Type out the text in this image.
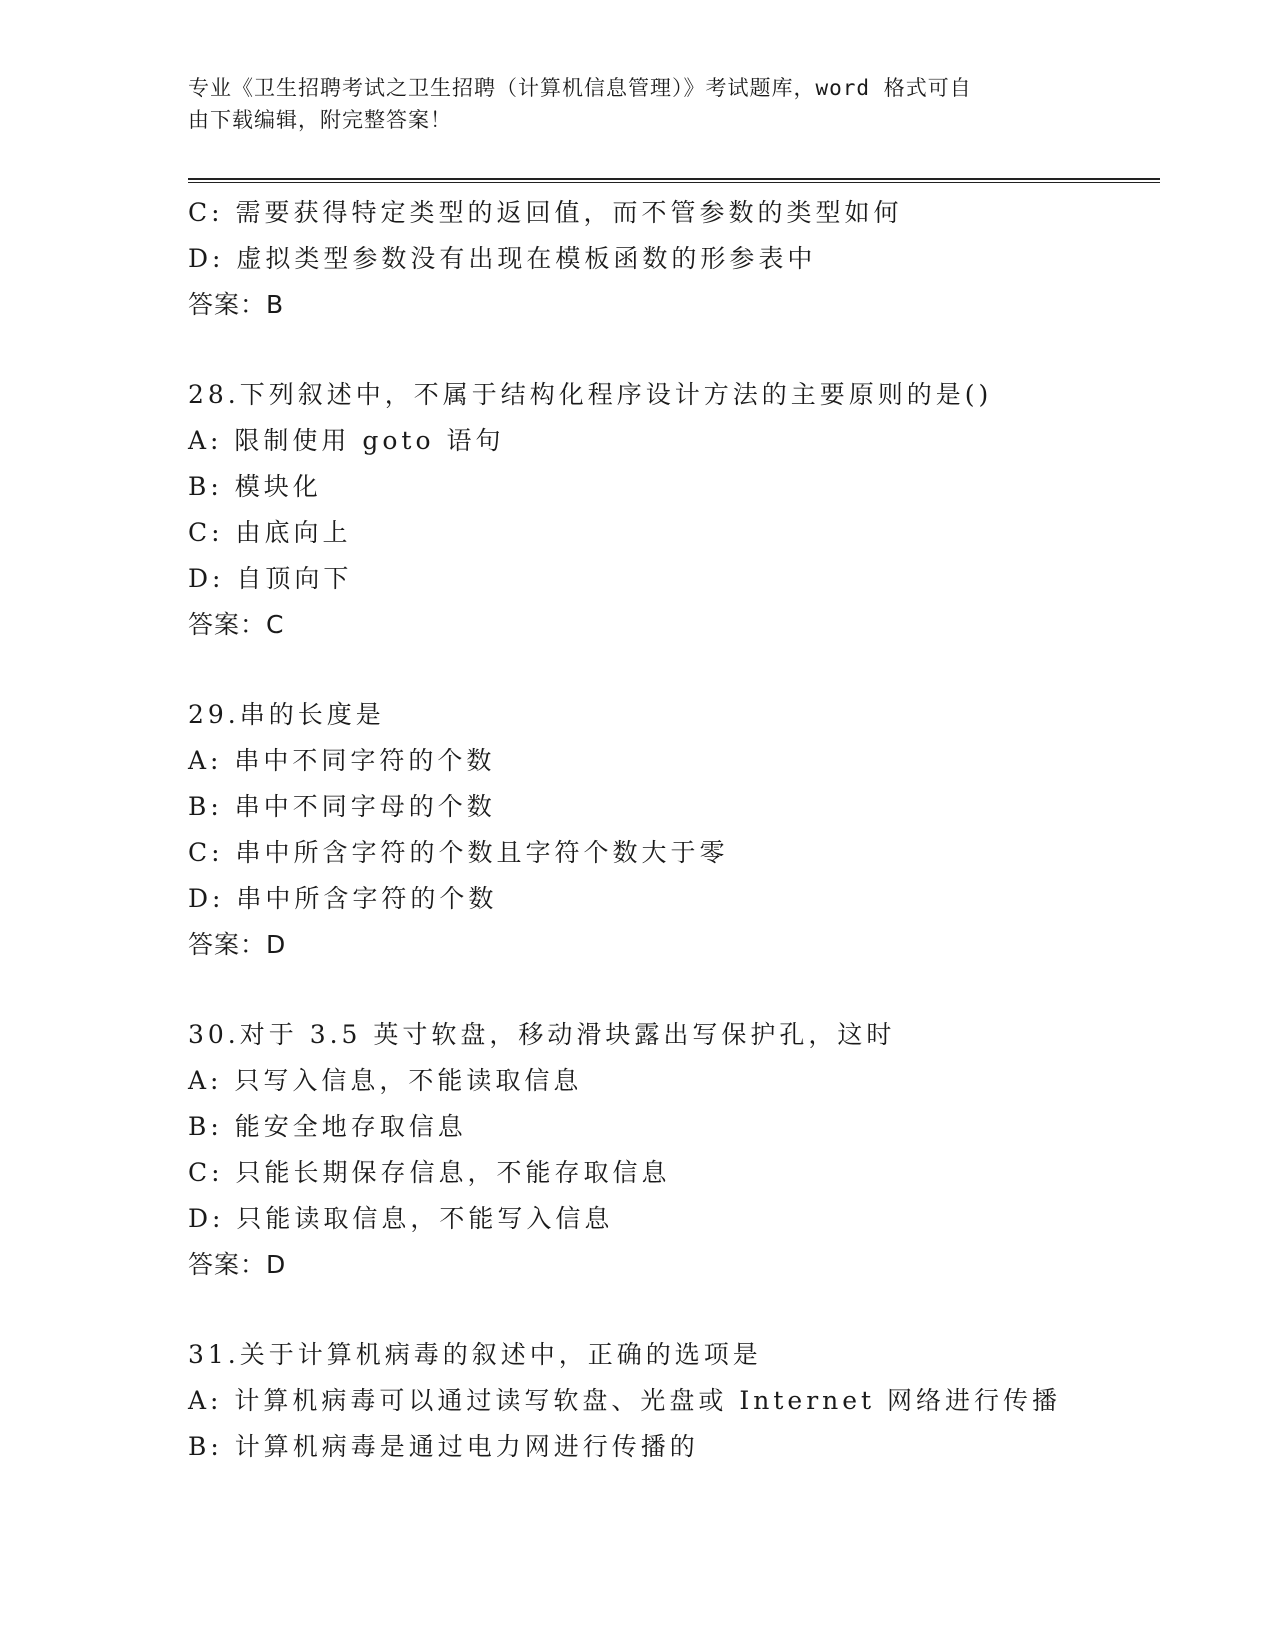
专业《卫生招聘考试之卫生招聘（计算机信息管理）》考试题库，word 格式可自
由下载编辑，附完整答案！
C: 需要获得特定类型的返回值，而不管参数的类型如何
D: 虚拟类型参数没有出现在模板函数的形参表中
答案：B
28.下列叙述中，不属于结构化程序设计方法的主要原则的是()
A: 限制使用 goto 语句
B: 模块化
C: 由底向上
D: 自顶向下
答案：C
29.串的长度是
A: 串中不同字符的个数
B: 串中不同字母的个数
C: 串中所含字符的个数且字符个数大于零
D: 串中所含字符的个数
答案：D
30.对于 3.5 英寸软盘，移动滑块露出写保护孔，这时
A: 只写入信息，不能读取信息
B: 能安全地存取信息
C: 只能长期保存信息，不能存取信息
D: 只能读取信息，不能写入信息
答案：D
31.关于计算机病毒的叙述中，正确的选项是
A: 计算机病毒可以通过读写软盘、光盘或 Internet 网络进行传播
B: 计算机病毒是通过电力网进行传播的
